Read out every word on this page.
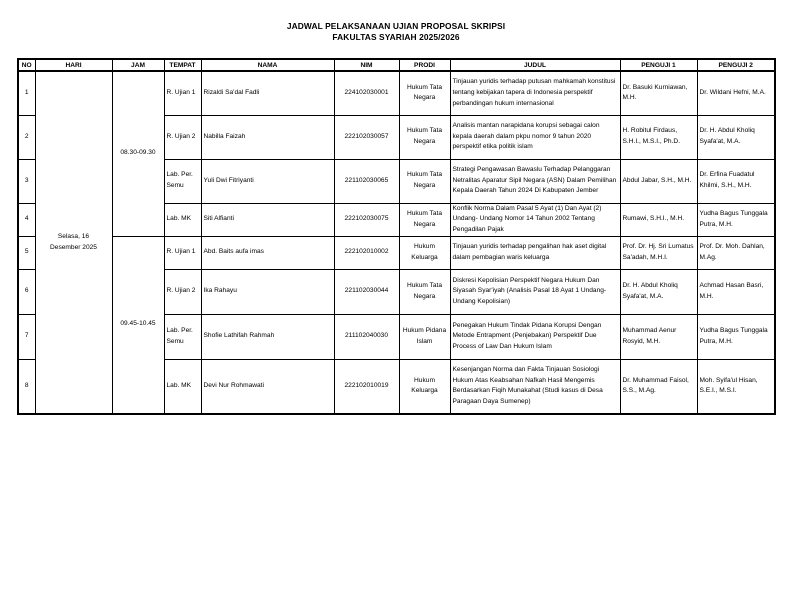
JADWAL PELAKSANAAN UJIAN PROPOSAL SKRIPSI
FAKULTAS SYARIAH 2025/2026
NO	HARI	JAM	TEMPAT	NAMA	NIM	PRODI	JUDUL	PENGUJI 1	PENGUJI 2
1	Selasa, 16 Desember 2025	08.30-09.30	R. Ujian 1	Rizaldi Sa'dal Fadli	224102030001	Hukum Tata Negara	Tinjauan yuridis terhadap putusan mahkamah konstitusi tentang kebijakan tapera di Indonesia perspektif perbandingan hukum internasional	Dr. Basuki Kurniawan, M.H.	Dr. Wildani Hefni, M.A.
2			R. Ujian 2	Nabilla Faizah	222102030057	Hukum Tata Negara	Analisis mantan narapidana korupsi sebagai calon kepala daerah dalam pkpu nomor 9 tahun 2020 perspektif etika politik islam	H. Robitul Firdaus, S.H.I., M.S.I., Ph.D.	Dr. H. Abdul Kholiq Syafa'at, M.A.
3			Lab. Per. Semu	Yuli Dwi Fitriyanti	221102030065	Hukum Tata Negara	Strategi Pengawasan Bawaslu Terhadap Pelanggaran Netralitas Aparatur Sipil Negara (ASN) Dalam Pemilihan Kepala Daerah Tahun 2024 Di Kabupaten Jember	Abdul Jabar, S.H., M.H.	Dr. Erfina Fuadatul Khilmi, S.H., M.H.
4			Lab. MK	Siti Alfianti	222102030075	Hukum Tata Negara	Konflik Norma Dalam Pasal 5 Ayat (1) Dan Ayat (2) Undang- Undang Nomor 14 Tahun 2002 Tentang Pengadilan Pajak	Rumawi, S.H.I., M.H.	Yudha Bagus Tunggala Putra, M.H.
5		09.45-10.45	R. Ujian 1	Abd. Baits aufa imas	222102010002	Hukum Keluarga	Tinjauan yuridis terhadap pengalihan hak aset digital dalam pembagian waris keluarga	Prof. Dr. Hj. Sri Lumatus Sa'adah, M.H.I.	Prof. Dr. Moh. Dahlan, M.Ag.
6			R. Ujian 2	Ika Rahayu	221102030044	Hukum Tata Negara	Diskresi Kepolisian Perspektif Negara Hukum Dan Siyasah Syar'iyah (Analisis Pasal 18 Ayat 1 Undang-Undang Kepolisian)	Dr. H. Abdul Kholiq Syafa'at, M.A.	Achmad Hasan Basri, M.H.
7			Lab. Per. Semu	Shofie Lathifah Rahmah	211102040030	Hukum Pidana Islam	Penegakan Hukum Tindak Pidana Korupsi Dengan Metode Entrapment (Penjebakan) Perspektif Due Process of Law Dan Hukum Islam	Muhammad Aenur Rosyid, M.H.	Yudha Bagus Tunggala Putra, M.H.
8			Lab. MK	Devi Nur Rohmawati	222102010019	Hukum Keluarga	Kesenjangan Norma dan Fakta Tinjauan Sosiologi Hukum Atas Keabsahan Nafkah Hasil Mengemis Berdasarkan Fiqih Munakahat (Studi kasus di Desa Paragaan Daya Sumenep)	Dr. Muhammad Faisol, S.S., M.Ag.	Moh. Syifa'ul Hisan, S.E.I., M.S.I.
